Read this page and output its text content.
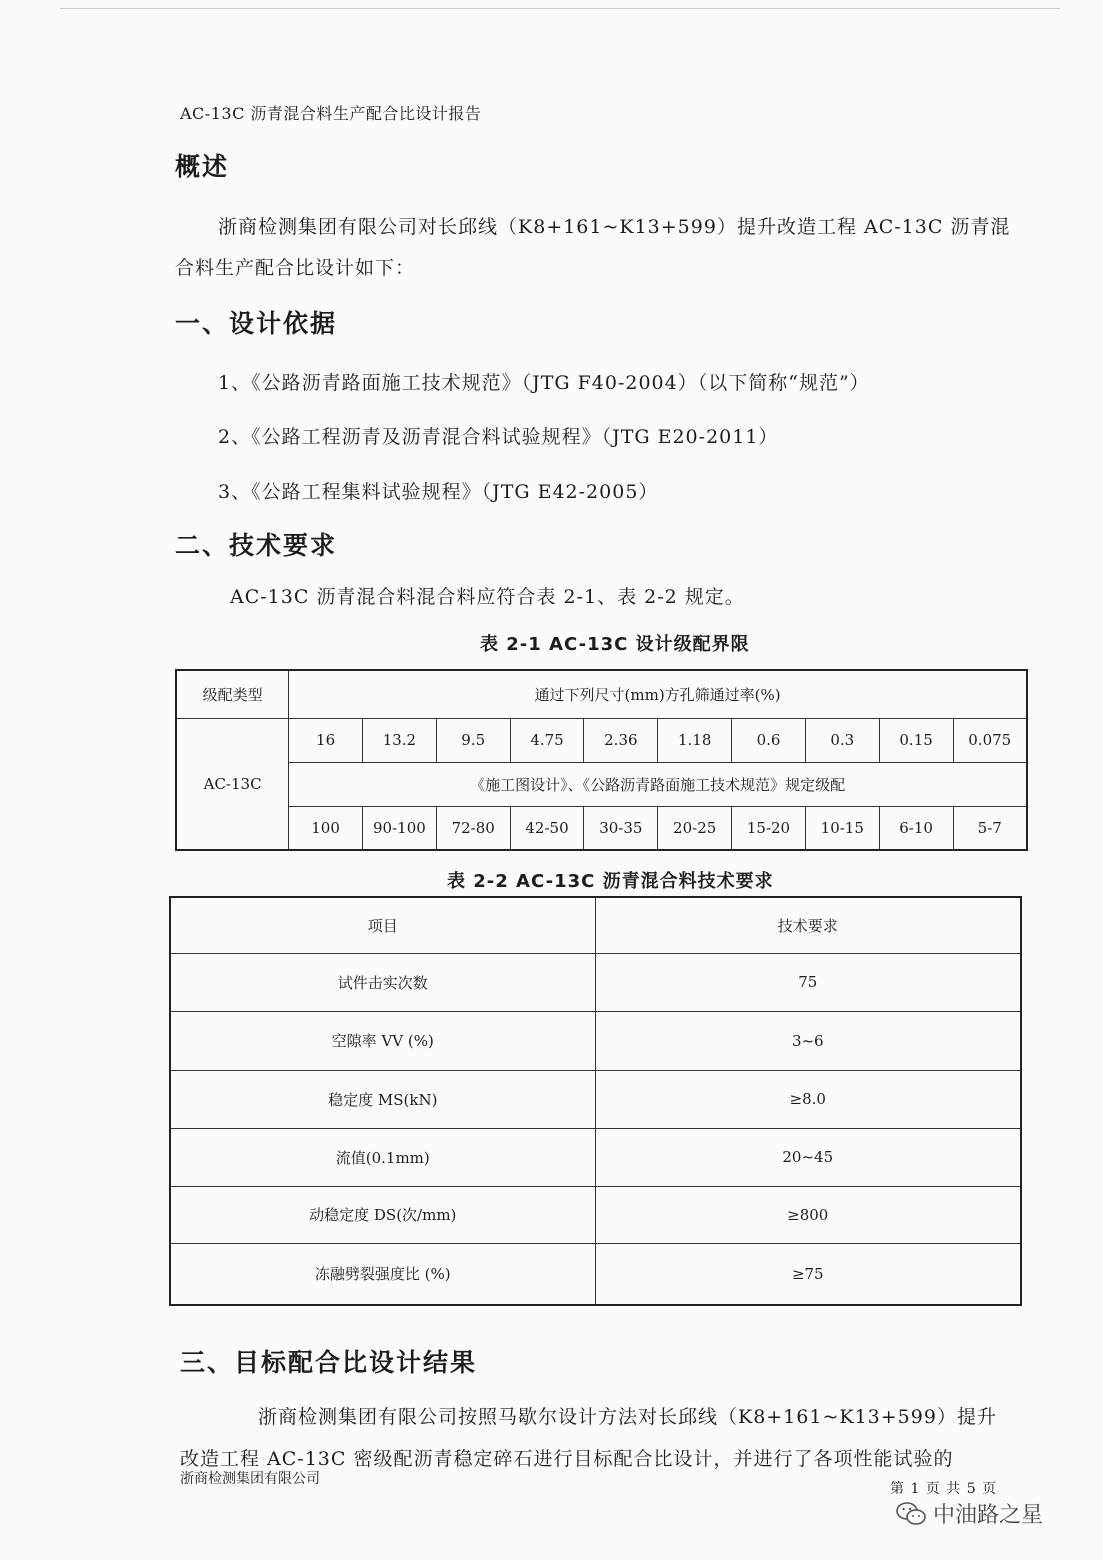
AC-13C 沥青混合料生产配合比设计报告
概述
浙商检测集团有限公司对长邱线（K8+161~K13+599）提升改造工程 AC-13C 沥青混
合料生产配合比设计如下：
一、设计依据
1、《公路沥青路面施工技术规范》（JTG F40-2004）（以下简称“规范”）
2、《公路工程沥青及沥青混合料试验规程》（JTG E20-2011）
3、《公路工程集料试验规程》（JTG E42-2005）
二、技术要求
AC-13C 沥青混合料混合料应符合表 2-1、表 2-2 规定。
表 2-1 AC-13C 设计级配界限
级配类型	通过下列尺寸(mm)方孔筛通过率(%)									
AC-13C	16	13.2	9.5	4.75	2.36	1.18	0.6	0.3	0.15	0.075
	《施工图设计》、《公路沥青路面施工技术规范》规定级配									
	100	90-100	72-80	42-50	30-35	20-25	15-20	10-15	6-10	5-7
表 2-2 AC-13C 沥青混合料技术要求
项目	技术要求
试件击实次数	75
空隙率 VV (%)	3~6
稳定度 MS(kN)	≥8.0
流值(0.1mm)	20~45
动稳定度 DS(次/mm)	≥800
冻融劈裂强度比 (%)	≥75
三、目标配合比设计结果
浙商检测集团有限公司按照马歇尔设计方法对长邱线（K8+161~K13+599）提升
改造工程 AC-13C 密级配沥青稳定碎石进行目标配合比设计，并进行了各项性能试验的
浙商检测集团有限公司
第 1 页 共 5 页
中油路之星
